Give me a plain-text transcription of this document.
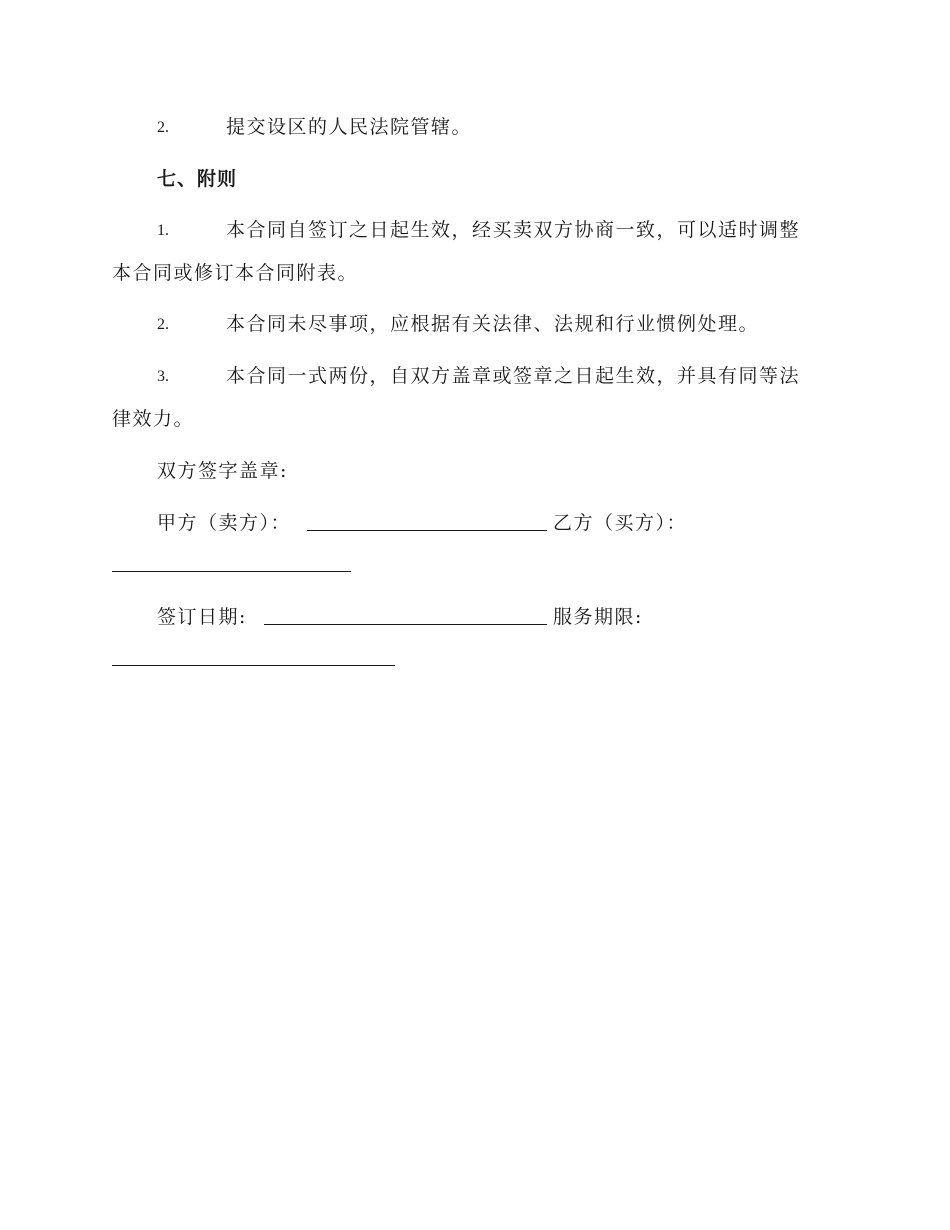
2.	提交设区的人民法院管辖。
七、附则
1.	本合同自签订之日起生效，经买卖双方协商一致，可以适时调整
本合同或修订本合同附表。
2.	本合同未尽事项，应根据有关法律、法规和行业惯例处理。
3.	本合同一式两份，自双方盖章或签章之日起生效，并具有同等法
律效力。
双方签字盖章:
甲方（卖方）：	乙方（买方）：
签订日期:	服务期限:
